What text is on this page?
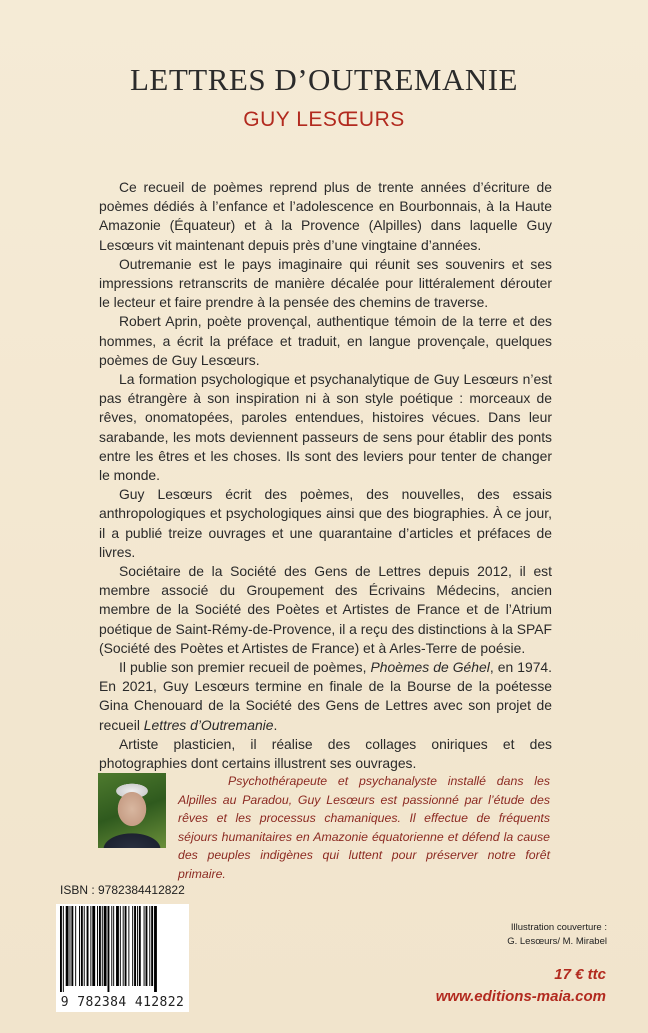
LETTRES D’OUTREMANIE
GUY LESŒURS

Ce recueil de poèmes reprend plus de trente années d’écriture de poèmes dédiés à l’enfance et l’adolescence en Bourbonnais, à la Haute Amazonie (Équateur) et à la Provence (Alpilles) dans laquelle Guy Lesœurs vit maintenant depuis près d’une vingtaine d’années.

Outremanie est le pays imaginaire qui réunit ses souvenirs et ses impressions retranscrits de manière décalée pour littéralement dérouter le lecteur et faire prendre à la pensée des chemins de traverse.

Robert Aprin, poète provençal, authentique témoin de la terre et des hommes, a écrit la préface et traduit, en langue provençale, quelques poèmes de Guy Lesœurs.

La formation psychologique et psychanalytique de Guy Lesœurs n’est pas étrangère à son inspiration ni à son style poétique : morceaux de rêves, onomatopées, paroles entendues, histoires vécues. Dans leur sarabande, les mots deviennent passeurs de sens pour établir des ponts entre les êtres et les choses. Ils sont des leviers pour tenter de changer le monde.

Guy Lesœurs écrit des poèmes, des nouvelles, des essais anthropologiques et psychologiques ainsi que des biographies. À ce jour, il a publié treize ouvrages et une quarantaine d’articles et préfaces de livres.

Sociétaire de la Société des Gens de Lettres depuis 2012, il est membre associé du Groupement des Écrivains Médecins, ancien membre de la Société des Poètes et Artistes de France et de l’Atrium poétique de Saint-Rémy-de-Provence, il a reçu des distinctions à la SPAF (Société des Poètes et Artistes de France) et à Arles-Terre de poésie.

Il publie son premier recueil de poèmes, Phoèmes de Géhel, en 1974. En 2021, Guy Lesœurs termine en finale de la Bourse de la poétesse Gina Chenouard de la Société des Gens de Lettres avec son projet de recueil Lettres d’Outremanie.

Artiste plasticien, il réalise des collages oniriques et des photographies dont certains illustrent ses ouvrages.

Psychothérapeute et psychanalyste installé dans les Alpilles au Paradou, Guy Lesœurs est passionné par l’étude des rêves et les processus chamaniques. Il effectue de fréquents séjours humanitaires en Amazonie équatorienne et défend la cause des peuples indigènes qui luttent pour préserver notre forêt primaire.
ISBN : 9782384412822
9 782384 412822
Illustration couverture :
G. Lesœurs/ M. Mirabel
17 € ttc
www.editions-maia.com
